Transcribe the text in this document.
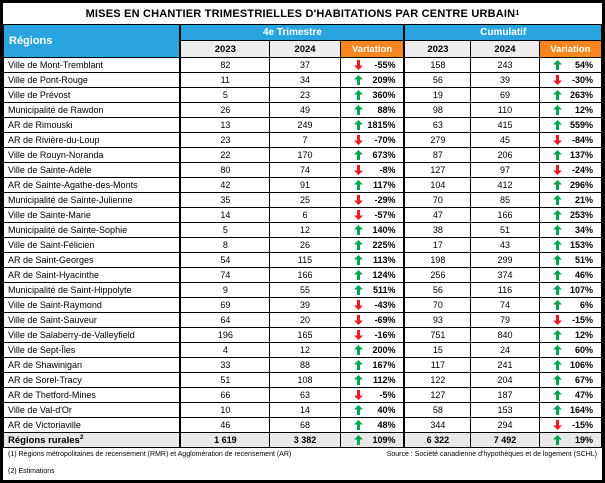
MISES EN CHANTIER TRIMESTRIELLES D'HABITATIONS PAR CENTRE URBAIN 1
Régions	4e Trimestre			Cumulatif		
	2023	2024	Variation	2023	2024	Variation
Ville de Mont-Tremblant	82	37	-55%	158	243	54%

Ville de Pont-Rouge	11	34	209%	56	39	-30%

Ville de Prévost	5	23	360%	19	69	263%

Municipalité de Rawdon	26	49	88%	98	110	12%

AR de Rimouski	13	249	1815%	63	415	559%

AR de Rivière-du-Loup	23	7	-70%	279	45	-84%

Ville de Rouyn-Noranda	22	170	673%	87	206	137%

Ville de Sainte-Adèle	80	74	-8%	127	97	-24%

AR de Sainte-Agathe-des-Monts	42	91	117%	104	412	296%

Municipalité de Sainte-Julienne	35	25	-29%	70	85	21%

Ville de Sainte-Marie	14	6	-57%	47	166	253%

Municipalité de Sainte-Sophie	5	12	140%	38	51	34%

Ville de Saint-Félicien	8	26	225%	17	43	153%

AR de Saint-Georges	54	115	113%	198	299	51%

AR de Saint-Hyacinthe	74	166	124%	256	374	46%

Municipalité de Saint-Hippolyte	9	55	511%	56	116	107%

Ville de Saint-Raymond	69	39	-43%	70	74	6%

Ville de Saint-Sauveur	64	20	-69%	93	79	-15%

Ville de Salaberry-de-Valleyfield	196	165	-16%	751	840	12%

Ville de Sept-Îles	4	12	200%	15	24	60%

AR de Shawinigan	33	88	167%	117	241	106%

AR de Sorel-Tracy	51	108	112%	122	204	67%

AR de Thetford-Mines	66	63	-5%	127	187	47%

Ville de Val-d'Or	10	14	40%	58	153	164%

AR de Victoriaville	46	68	48%	344	294	-15%

Régions rurales$^2$	1 619	3 382	109%	6 322	7 492	19%
(1) Régions métropolitaines de recensement (RMR) et Agglomération de recensement (AR)	Source : Société canadienne d'hypothèques et de logement (SCHL)
(2) Estimations
